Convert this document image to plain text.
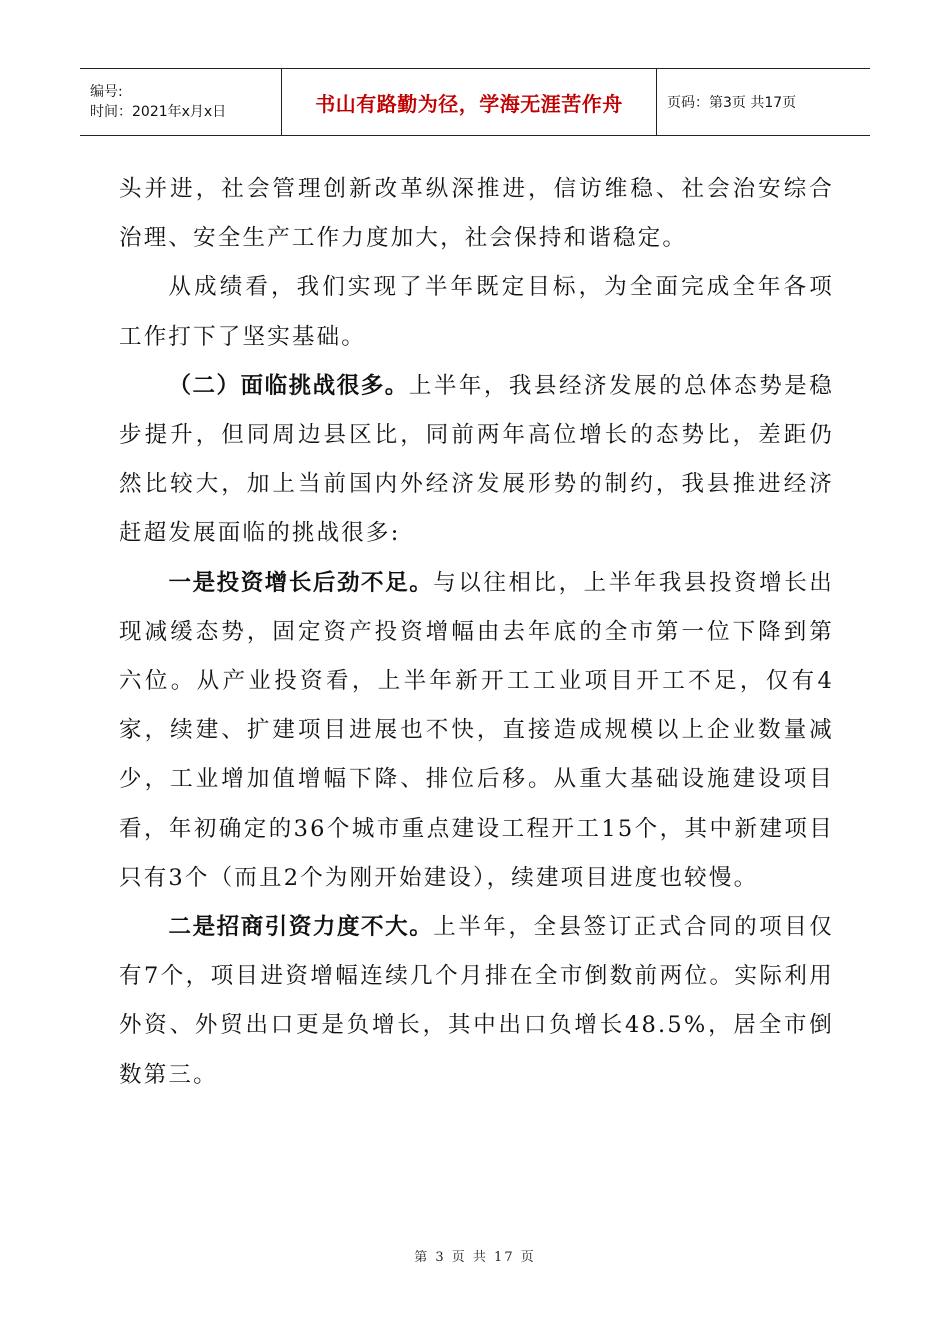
编号:
时间：2021年x月x日	书山有路勤为径，学海无涯苦作舟	页码：第3页 共17页

头并进，社会管理创新改革纵深推进，信访维稳、社会治安综合治理、安全生产工作力度加大，社会保持和谐稳定。

从成绩看，我们实现了半年既定目标，为全面完成全年各项工作打下了坚实基础。

（二）面临挑战很多。上半年，我县经济发展的总体态势是稳步提升，但同周边县区比，同前两年高位增长的态势比，差距仍然比较大，加上当前国内外经济发展形势的制约，我县推进经济赶超发展面临的挑战很多:

一是投资增长后劲不足。与以往相比，上半年我县投资增长出现减缓态势，固定资产投资增幅由去年底的全市第一位下降到第六位。从产业投资看，上半年新开工工业项目开工不足，仅有4家，续建、扩建项目进展也不快，直接造成规模以上企业数量减少，工业增加值增幅下降、排位后移。从重大基础设施建设项目看，年初确定的36个城市重点建设工程开工15个，其中新建项目只有3个（而且2个为刚开始建设），续建项目进度也较慢。

二是招商引资力度不大。上半年，全县签订正式合同的项目仅有7个，项目进资增幅连续几个月排在全市倒数前两位。实际利用外资、外贸出口更是负增长，其中出口负增长48.5%，居全市倒数第三。

第 3 页 共 17 页
